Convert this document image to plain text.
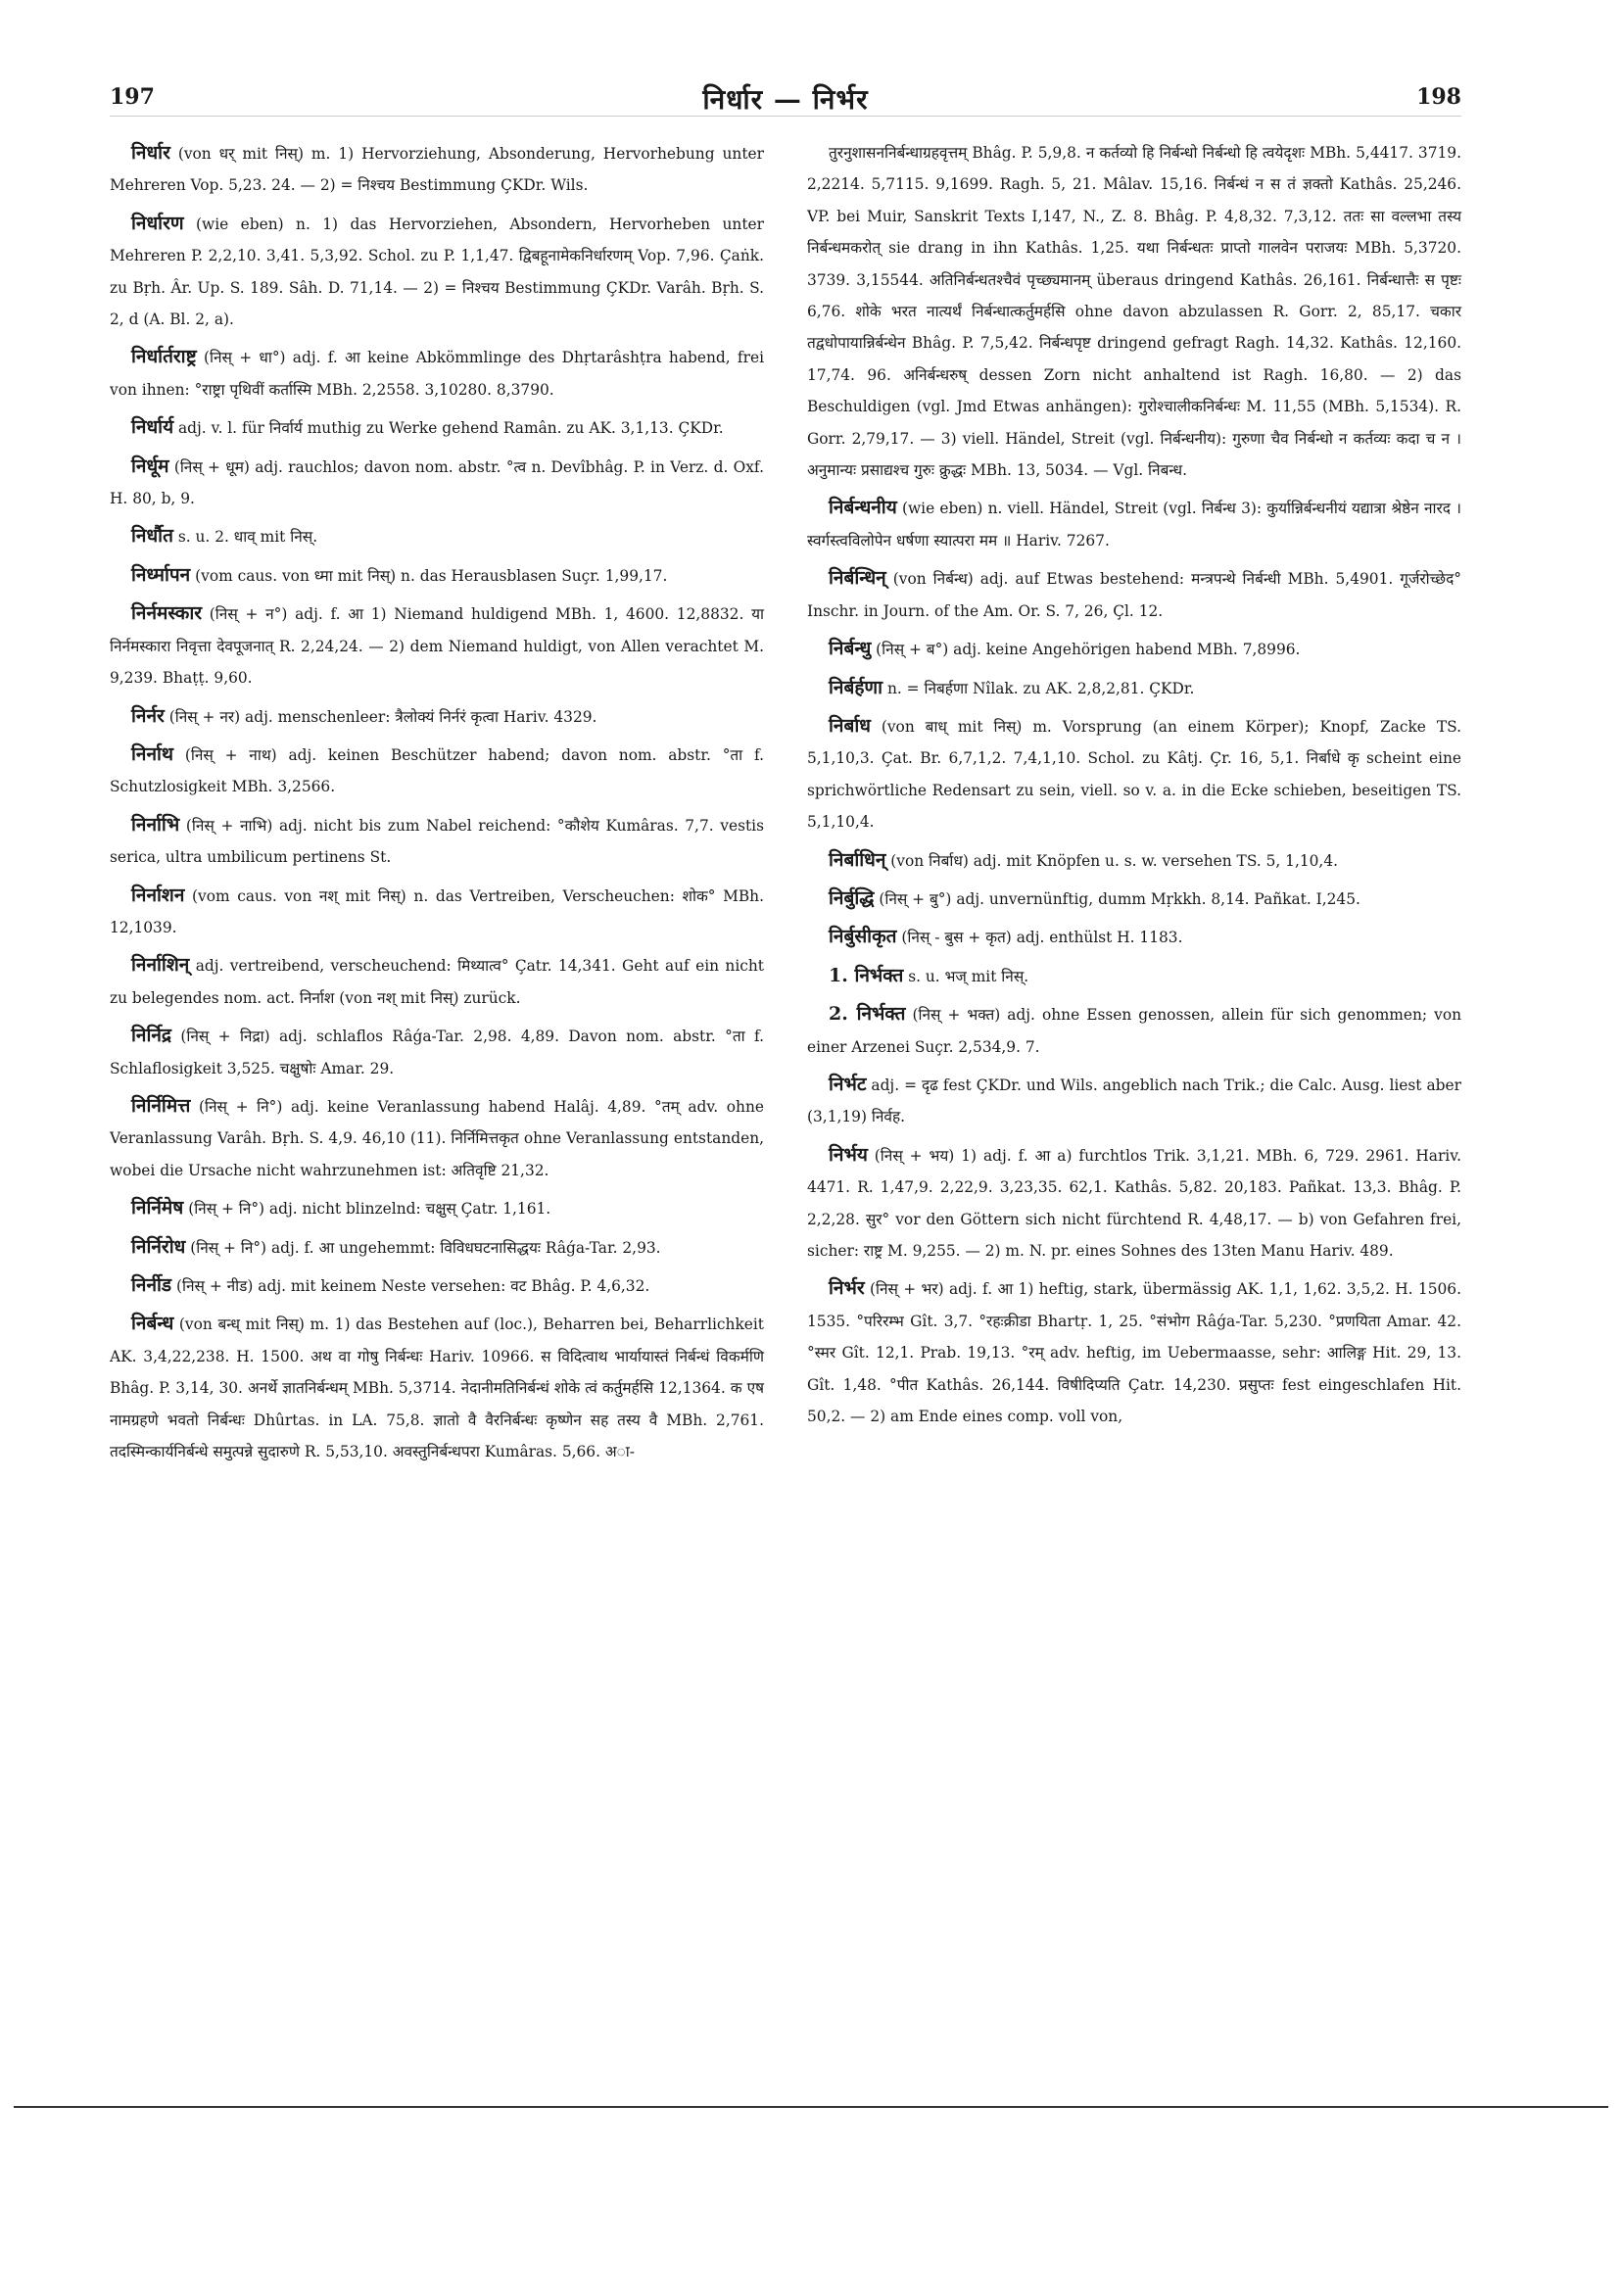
197	निर्धार — निर्भर	198

निर्धार (von धर् mit निस्) m. 1) Hervorziehung, Absonderung, Hervorhebung unter Mehreren Vop. 5,23. 24. — 2) = निश्चय Bestimmung ÇKDr. Wils.

निर्धारण (wie eben) n. 1) das Hervorziehen, Absondern, Hervorheben unter Mehreren P. 2,2,10. 3,41. 5,3,92. Schol. zu P. 1,1,47. द्विबहूनामेकनिर्धारणम् Vop. 7,96. Çaṅk. zu Bṛh. Âr. Up. S. 189. Sâh. D. 71,14. — 2) = निश्चय Bestimmung ÇKDr. Varâh. Bṛh. S. 2, d (A. Bl. 2, a).

निर्धार्तराष्ट्र (निस् + धा°) adj. f. आ keine Abkömmlinge des Dhṛtarâshṭra habend, frei von ihnen: °राष्ट्रा पृथिवीं कर्तास्मि MBh. 2,2558. 3,10280. 8,3790.

निर्धार्य adj. v. l. für निर्वार्य muthig zu Werke gehend Ramân. zu AK. 3,1,13. ÇKDr.

निर्धूम (निस् + धूम) adj. rauchlos; davon nom. abstr. °त्व n. Devîbhâg. P. in Verz. d. Oxf. H. 80, b, 9.

निर्धौत s. u. 2. धाव् mit निस्.

निर्ध्मापन (vom caus. von ध्मा mit निस्) n. das Herausblasen Suçr. 1,99,17.

निर्नमस्कार (निस् + न°) adj. f. आ 1) Niemand huldigend MBh. 1, 4600. 12,8832. या निर्नमस्कारा निवृत्ता देवपूजनात् R. 2,24,24. — 2) dem Niemand huldigt, von Allen verachtet M. 9,239. Bhaṭṭ. 9,60.

निर्नर (निस् + नर) adj. menschenleer: त्रैलोक्यं निर्नरं कृत्वा Hariv. 4329.

निर्नाथ (निस् + नाथ) adj. keinen Beschützer habend; davon nom. abstr. °ता f. Schutzlosigkeit MBh. 3,2566.

निर्नाभि (निस् + नाभि) adj. nicht bis zum Nabel reichend: °कौशेय Kumâras. 7,7. vestis serica, ultra umbilicum pertinens St.

निर्नाशन (vom caus. von नश् mit निस्) n. das Vertreiben, Verscheuchen: शोक° MBh. 12,1039.

निर्नाशिन् adj. vertreibend, verscheuchend: मिथ्यात्व° Çatr. 14,341. Geht auf ein nicht zu belegendes nom. act. निर्नाश (von नश् mit निस्) zurück.

निर्निद्र (निस् + निद्रा) adj. schlaflos Râǵa-Tar. 2,98. 4,89. Davon nom. abstr. °ता f. Schlaflosigkeit 3,525. चक्षुषोः Amar. 29.

निर्निमित्त (निस् + नि°) adj. keine Veranlassung habend Halâj. 4,89. °तम् adv. ohne Veranlassung Varâh. Bṛh. S. 4,9. 46,10 (11). निर्निमित्तकृत ohne Veranlassung entstanden, wobei die Ursache nicht wahrzunehmen ist: अतिवृष्टि 21,32.

निर्निमेष (निस् + नि°) adj. nicht blinzelnd: चक्षुस् Çatr. 1,161.

निर्निरोध (निस् + नि°) adj. f. आ ungehemmt: विविधघटनासिद्धयः Râǵa-Tar. 2,93.

निर्नीड (निस् + नीड) adj. mit keinem Neste versehen: वट Bhâg. P. 4,6,32.

निर्बन्ध (von बन्ध् mit निस्) m. 1) das Bestehen auf (loc.), Beharren bei, Beharrlichkeit AK. 3,4,22,238. H. 1500. अथ वा गोषु निर्बन्धः Hariv. 10966. स विदित्वाथ भार्यायास्तं निर्बन्धं विकर्मणि Bhâg. P. 3,14, 30. अनर्थे ज्ञातनिर्बन्धम् MBh. 5,3714. नेदानीमतिनिर्बन्धं शोके त्वं कर्तुमर्हसि 12,1364. क एष नामग्रहणे भवतो निर्बन्धः Dhûrtas. in LA. 75,8. ज्ञातो वै वैरनिर्बन्धः कृष्णेन सह तस्य वै MBh. 2,761. तदस्मिन्कार्यनिर्बन्धे समुत्पन्ने सुदारुणे R. 5,53,10. अवस्तुनिर्बन्धपरा Kumâras. 5,66. अा-

तुरनुशासननिर्बन्धाग्रहवृत्तम् Bhâg. P. 5,9,8. न कर्तव्यो हि निर्बन्धो निर्बन्धो हि त्वयेदृशः MBh. 5,4417. 3719. 2,2214. 5,7115. 9,1699. Ragh. 5, 21. Mâlav. 15,16. निर्बन्धं न स तं ज्ञक्तो Kathâs. 25,246. VP. bei Muir, Sanskrit Texts I,147, N., Z. 8. Bhâg. P. 4,8,32. 7,3,12. ततः सा वल्लभा तस्य निर्बन्धमकरोत् sie drang in ihn Kathâs. 1,25. यथा निर्बन्धतः प्राप्तो गालवेन पराजयः MBh. 5,3720. 3739. 3,15544. अतिनिर्बन्धतश्चैवं पृच्छ्यमानम् überaus dringend Kathâs. 26,161. निर्बन्धात्तैः स पृष्टः 6,76. शोके भरत नात्यर्थं निर्बन्धात्कर्तुमर्हसि ohne davon abzulassen R. Gorr. 2, 85,17. चकार तद्वधोपायान्निर्बन्धेन Bhâg. P. 7,5,42. निर्बन्धपृष्ट dringend gefragt Ragh. 14,32. Kathâs. 12,160. 17,74. 96. अनिर्बन्धरुष् dessen Zorn nicht anhaltend ist Ragh. 16,80. — 2) das Beschuldigen (vgl. Jmd Etwas anhängen): गुरोश्चालीकनिर्बन्धः M. 11,55 (MBh. 5,1534). R. Gorr. 2,79,17. — 3) viell. Händel, Streit (vgl. निर्बन्धनीय): गुरुणा चैव निर्बन्धो न कर्तव्यः कदा च न । अनुमान्यः प्रसाद्यश्च गुरुः क्रुद्धः MBh. 13, 5034. — Vgl. निबन्ध.

निर्बन्धनीय (wie eben) n. viell. Händel, Streit (vgl. निर्बन्ध 3): कुर्यान्निर्बन्धनीयं यद्यात्रा श्रेष्ठेन नारद । स्वर्गस्त्वविलोपेन धर्षणा स्यात्परा मम ॥ Hariv. 7267.

निर्बन्धिन् (von निर्बन्ध) adj. auf Etwas bestehend: मन्त्रपन्थे निर्बन्धी MBh. 5,4901. गूर्जरोच्छेद° Inschr. in Journ. of the Am. Or. S. 7, 26, Çl. 12.

निर्बन्धु (निस् + ब°) adj. keine Angehörigen habend MBh. 7,8996.

निर्बर्हणा n. = निबर्हणा Nîlak. zu AK. 2,8,2,81. ÇKDr.

निर्बाध (von बाध् mit निस्) m. Vorsprung (an einem Körper); Knopf, Zacke TS. 5,1,10,3. Çat. Br. 6,7,1,2. 7,4,1,10. Schol. zu Kâtj. Çr. 16, 5,1. निर्बाधे कृ scheint eine sprichwörtliche Redensart zu sein, viell. so v. a. in die Ecke schieben, beseitigen TS. 5,1,10,4.

निर्बाधिन् (von निर्बाध) adj. mit Knöpfen u. s. w. versehen TS. 5, 1,10,4.

निर्बुद्धि (निस् + बु°) adj. unvernünftig, dumm Mṛkkh. 8,14. Pañkat. I,245.

निर्बुसीकृत (निस् - बुस + कृत) adj. enthülst H. 1183.

1. निर्भक्त s. u. भज् mit निस्.

2. निर्भक्त (निस् + भक्त) adj. ohne Essen genossen, allein für sich genommen; von einer Arzenei Suçr. 2,534,9. 7.

निर्भट adj. = दृढ fest ÇKDr. und Wils. angeblich nach Trik.; die Calc. Ausg. liest aber (3,1,19) निर्वह.

निर्भय (निस् + भय) 1) adj. f. आ a) furchtlos Trik. 3,1,21. MBh. 6, 729. 2961. Hariv. 4471. R. 1,47,9. 2,22,9. 3,23,35. 62,1. Kathâs. 5,82. 20,183. Pañkat. 13,3. Bhâg. P. 2,2,28. सुर° vor den Göttern sich nicht fürchtend R. 4,48,17. — b) von Gefahren frei, sicher: राष्ट्र M. 9,255. — 2) m. N. pr. eines Sohnes des 13ten Manu Hariv. 489.

निर्भर (निस् + भर) adj. f. आ 1) heftig, stark, übermässig AK. 1,1, 1,62. 3,5,2. H. 1506. 1535. °परिरम्भ Gît. 3,7. °रहःक्रीडा Bhartṛ. 1, 25. °संभोग Râǵa-Tar. 5,230. °प्रणयिता Amar. 42. °स्मर Gît. 12,1. Prab. 19,13. °रम् adv. heftig, im Uebermaasse, sehr: आलिङ्ग Hit. 29, 13. Gît. 1,48. °पीत Kathâs. 26,144. विषीदिप्यति Çatr. 14,230. प्रसुप्तः fest eingeschlafen Hit. 50,2. — 2) am Ende eines comp. voll von,
